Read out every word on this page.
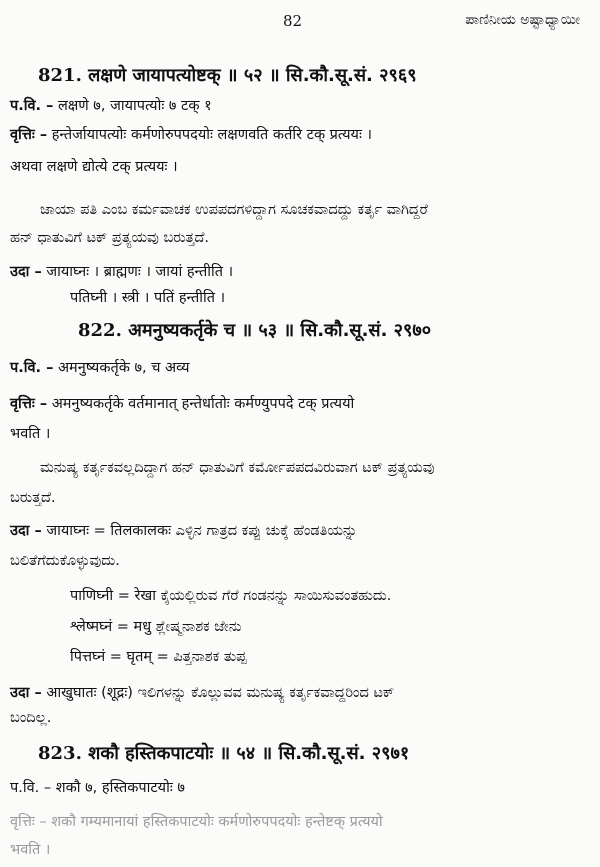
82	ಪಾಣಿನೀಯ ಅಷ್ಟಾಧ್ಯಾಯೀ
821. लक्षणे जायापत्योष्टक् ॥ ५२ ॥ सि.कौ.सू.सं. २९६९
प.वि. – लक्षणे ७, जायापत्योः ७ टक् १
वृत्तिः – हन्तेर्जायापत्योः कर्मणोरुपपदयोः लक्षणवति कर्तरि टक् प्रत्ययः ।
अथवा लक्षणे द्योत्ये टक् प्रत्ययः ।
ಜಾಯಾ ಪತಿ ಎಂಬ ಕರ್ಮವಾಚಕ ಉಪಪದಗಳಿದ್ದಾಗ ಸೂಚಕವಾದದ್ದು ಕರ್ತೃ ವಾಗಿದ್ದರೆ
ಹನ್ ಧಾತುವಿಗೆ ಟಕ್ ಪ್ರತ್ಯಯವು ಬರುತ್ತದೆ.
उदा – जायाघ्नः । ब्राह्मणः । जायां हन्तीति ।
पतिघ्नी । स्त्री । पतिं हन्तीति ।
822. अमनुष्यकर्तृके च ॥ ५३ ॥ सि.कौ.सू.सं. २९७०
प.वि. – अमनुष्यकर्तृके ७, च अव्य
वृत्तिः – अमनुष्यकर्तृके वर्तमानात् हन्तेर्धातोः कर्मण्युपपदे टक् प्रत्ययो
भवति ।
ಮನುಷ್ಯ ಕರ್ತೃಕವಲ್ಲದಿದ್ದಾಗ ಹನ್ ಧಾತುವಿಗೆ ಕರ್ಮೋಪಪದವಿರುವಾಗ ಟಕ್ ಪ್ರತ್ಯಯವು
ಬರುತ್ತದೆ.
उदा – जायाघ्नः = तिलकालकः ಎಳ್ಳಿನ ಗಾತ್ರದ ಕಪ್ಪು ಚುಕ್ಕೆ ಹೆಂಡತಿಯನ್ನು
ಬಲಿತೆಗೆದುಕೊಳ್ಳುವುದು.
पाणिघ्नी = रेखा ಕೈಯಲ್ಲಿರುವ ಗೆರೆ ಗಂಡನನ್ನು ಸಾಯಿಸುವಂತಹುದು.
श्लेष्मघ्नं = मधु ಶ್ಲೇಷ್ಮನಾಶಕ ಜೇನು
पित्तघ्नं = घृतम् = ಪಿತ್ತನಾಶಕ ತುಪ್ಪ
उदा – आखुघातः (शूद्रः) ಇಲಿಗಳನ್ನು ಕೊಲ್ಲುವವ ಮನುಷ್ಯ ಕರ್ತೃಕವಾದ್ದರಿಂದ ಟಕ್
ಬಂದಿಲ್ಲ.
823. शकौ हस्तिकपाटयोः ॥ ५४ ॥ सि.कौ.सू.सं. २९७१
प.वि. – शकौ ७, हस्तिकपाटयोः ७
वृत्तिः – शकौ गम्यमानायां हस्तिकपाटयोः कर्मणोरुपपदयोः हन्तेष्टक् प्रत्ययो
भवति ।
